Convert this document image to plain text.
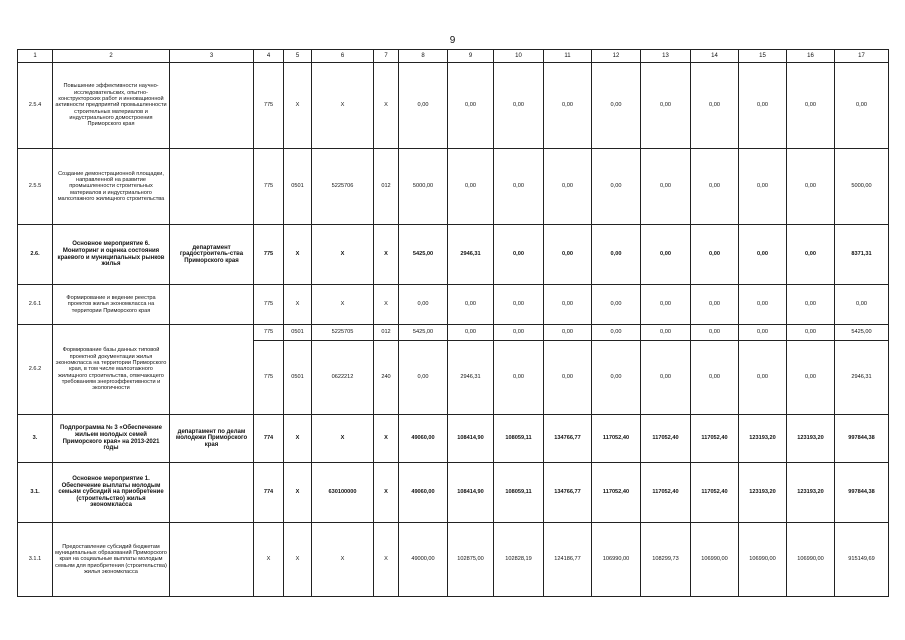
9
1	2	3	4	5	6	7	8	9	10	11	12	13	14	15	16	17
2.5.4	Повышение эффективности научно-исследовательских, опытно-конструкторских работ и инновационной активности предприятий промышленности строительных материалов и индустриального домостроения Приморского края		775	X	X	X	0,00	0,00	0,00	0,00	0,00	0,00	0,00	0,00	0,00	0,00
2.5.5	Создание демонстрационной площадки, направленной на развитие промышленности строительных материалов и индустриального малоэтажного жилищного строительства		775	0501	5225706	012	5000,00	0,00	0,00	0,00	0,00	0,00	0,00	0,00	0,00	5000,00
2.6.	Основное мероприятие 6. Мониторинг и оценка состояния краевого и муниципальных рынков жилья	департамент градостроитель-ства Приморского края	775	X	X	X	5425,00	2946,31	0,00	0,00	0,00	0,00	0,00	0,00	0,00	8371,31
2.6.1	Формирование и ведение реестра проектов жилья экономкласса на территории Приморского края		775	X	X	X	0,00	0,00	0,00	0,00	0,00	0,00	0,00	0,00	0,00	0,00
2.6.2	Формирование базы данных типовой проектной документации жилья экономкласса на территории Приморского края, в том числе малоэтажного жилищного строительства, отвечающего требованиям энергоэффективности и экологичности		775	0501	5225705	012	5425,00	0,00	0,00	0,00	0,00	0,00	0,00	0,00	0,00	5425,00
			775	0501	0622212	240	0,00	2946,31	0,00	0,00	0,00	0,00	0,00	0,00	0,00	2946,31
3.	Подпрограмма № 3 «Обеспечение жильем молодых семей Приморского края» на 2013-2021 годы	департамент по делам молодежи Приморского края	774	X	X	X	49060,00	108414,90	108059,11	134766,77	117052,40	117052,40	117052,40	123193,20	123193,20	997844,38
3.1.	Основное мероприятие 1. Обеспечение выплаты молодым семьям субсидий на приобретение (строительство) жилья экономкласса		774	X	630100000	X	49060,00	108414,90	108059,11	134766,77	117052,40	117052,40	117052,40	123193,20	123193,20	997844,38
3.1.1	Предоставление субсидий бюджетам муниципальных образований Приморского края на социальные выплаты молодым семьям для приобретения (строительства) жилья экономкласса		X	X	X	X	49000,00	102875,00	102828,19	124186,77	106990,00	108299,73	106990,00	106990,00	106990,00	915149,69
